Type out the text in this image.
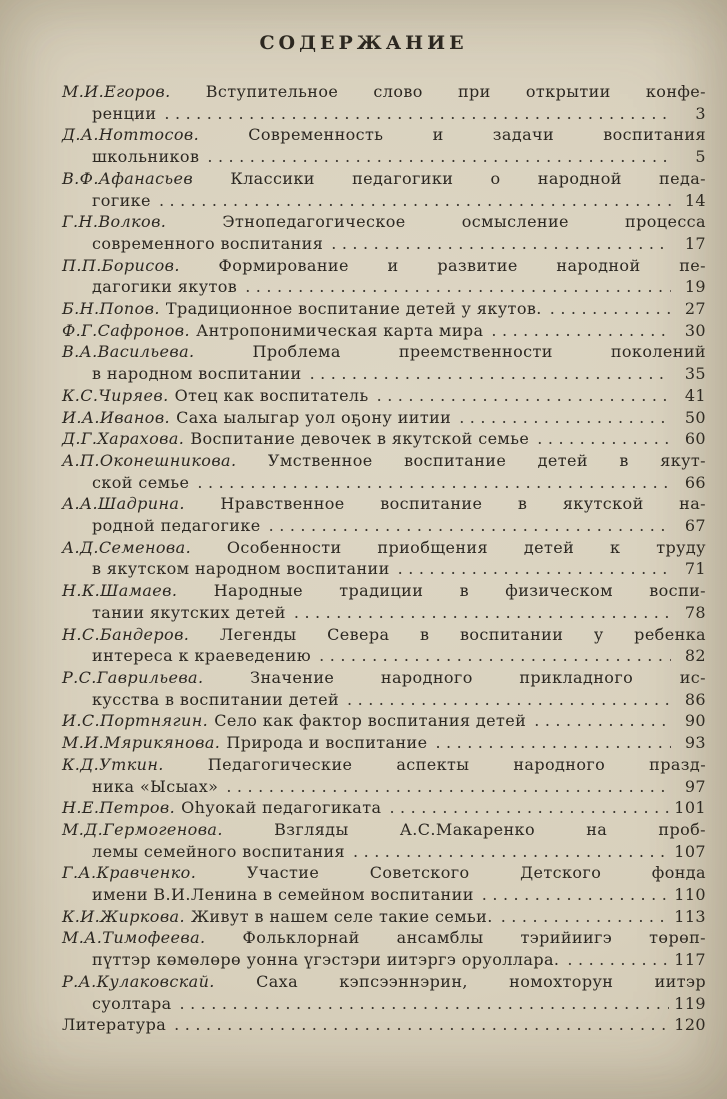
СОДЕРЖАНИЕ
М.И.Егоров. Вступительное слово при открытии конфе-
ренции .....	3
Д.А.Ноттосов.	Современность и задачи воспитания
школьников .....	5
В.Ф.Афанасьев Классики педагогики о народной педа-
гогике .....	14
Г.Н.Волков.	Этнопедагогическое осмысление процесса
современного воспитания .....	17
П.П.Борисов. Формирование и развитие народной пе-
дагогики якутов .....	19
Б.Н.Попов. Традиционное воспитание детей у якутов. .....	27
Ф.Г.Сафронов. Антропонимическая карта мира .....	30
В.А.Васильева.	Проблема преемственности поколений
в народном воспитании .....	35
К.С.Чиряев. Отец как воспитатель .....	41
И.А.Иванов. Саха ыалыгар уол оҕону иитии .....	50
Д.Г.Харахова. Воспитание девочек в якутской семье .....	60
А.П.Оконешникова. Умственное воспитание детей в якут-
ской семье .....	66
А.А.Шадрина. Нравственное воспитание в якутской на-
родной педагогике .....	67
А.Д.Семенова. Особенности приобщения детей к труду
в якутском народном воспитании .....	71
Н.К.Шамаев. Народные традиции в физическом воспи-
тании якутских детей .....	78
Н.С.Бандеров. Легенды Севера в воспитании у ребенка
интереса к краеведению .....	82
Р.С.Гаврильева.	Значение народного прикладного ис-
кусства в воспитании детей .....	86
И.С.Портнягин. Село как фактор воспитания детей .....	90
М.И.Мярикянова. Природа и воспитание .....	93
К.Д.Уткин.	Педагогические аспекты народного празд-
ника «Ысыах» .....	97
Н.Е.Петров. Оһуокай педагогиката .....	101
М.Д.Гермогенова.	Взгляды А.С.Макаренко на проб-
лемы семейного воспитания .....	107
Г.А.Кравченко.	Участие Советского Детского фонда
имени В.И.Ленина в семейном воспитании .....	110
К.И.Жиркова. Живут в нашем селе такие семьи. .....	113
М.А.Тимофеева. Фольклорнай ансамблы тэрийиигэ төрөп-
пүттэр көмөлөрө уонна үгэстэри иитэргэ оруоллара. .....	117
Р.А.Кулаковскай.	Саха кэпсээннэрин, номохторун иитэр
суолтара .....	119
Литература .....	120
